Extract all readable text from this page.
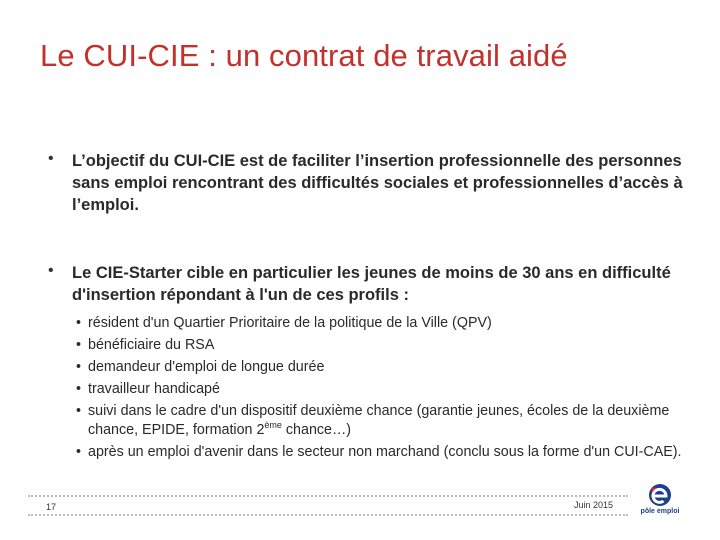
Le CUI-CIE : un contrat de travail aidé
• L’objectif du CUI-CIE est de faciliter l’insertion professionnelle des personnes sans emploi rencontrant des difficultés sociales et professionnelles d’accès à l’emploi.
• Le CIE-Starter cible en particulier les jeunes de moins de 30 ans en difficulté d'insertion répondant à l'un de ces profils :
• résident d'un Quartier Prioritaire de la politique de la Ville (QPV)
• bénéficiaire du RSA
• demandeur d'emploi de longue durée
• travailleur handicapé
• suivi dans le cadre d'un dispositif deuxième chance (garantie jeunes, écoles de la deuxième chance, EPIDE, formation 2ème chance…)
• après un emploi d'avenir dans le secteur non marchand (conclu sous la forme d'un CUI-CAE).
17	Juin 2015
pôle emploi
